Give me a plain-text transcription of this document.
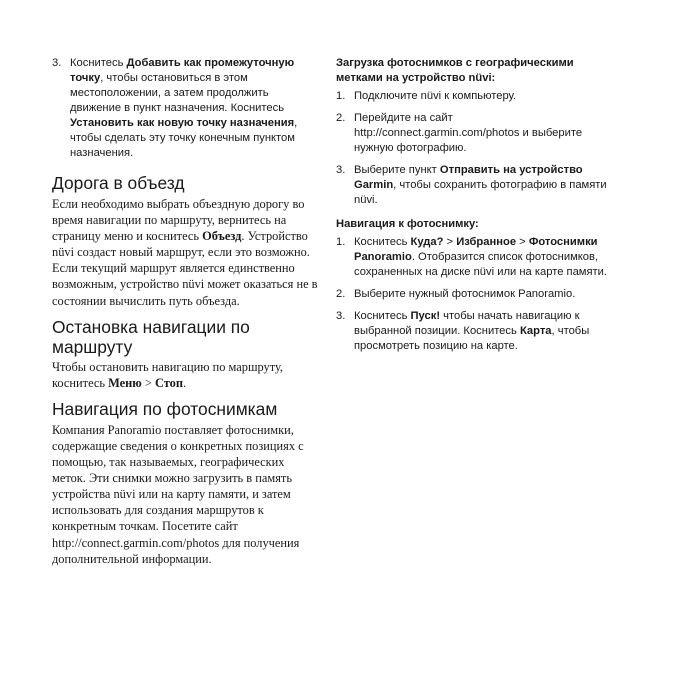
3. Коснитесь Добавить как промежуточную точку, чтобы остановиться в этом местоположении, а затем продолжить движение в пункт назначения. Коснитесь Установить как новую точку назначения, чтобы сделать эту точку конечным пунктом назначения.
Дорога в объезд

Если необходимо выбрать объездную дорогу во время навигации по маршруту, вернитесь на страницу меню и коснитесь Объезд. Устройство nüvi создаст новый маршрут, если это возможно. Если текущий маршрут является единственно возможным, устройство nüvi может оказаться не в состоянии вычислить путь объезда.

Остановка навигации по маршруту

Чтобы остановить навигацию по маршруту, коснитесь Меню > Стоп.

Навигация по фотоснимкам

Компания Panoramio поставляет фотоснимки, содержащие сведения о конкретных позициях с помощью, так называемых, географических меток. Эти снимки можно загрузить в память устройства nüvi или на карту памяти, и затем использовать для создания маршрутов к конкретным точкам. Посетите сайт http://connect.garmin.com/photos для получения дополнительной информации.

Загрузка фотоснимков с географическими метками на устройство nüvi:

1. Подключите nüvi к компьютеру.
2. Перейдите на сайт http://connect.garmin.com/photos и выберите нужную фотографию.
3. Выберите пункт Отправить на устройство Garmin, чтобы сохранить фотографию в памяти nüvi.

Навигация к фотоснимку:

1. Коснитесь Куда? > Избранное > Фотоснимки Panoramio. Отобразится список фотоснимков, сохраненных на диске nüvi или на карте памяти.
2. Выберите нужный фотоснимок Panoramio.
3. Коснитесь Пуск! чтобы начать навигацию к выбранной позиции. Коснитесь Карта, чтобы просмотреть позицию на карте.
